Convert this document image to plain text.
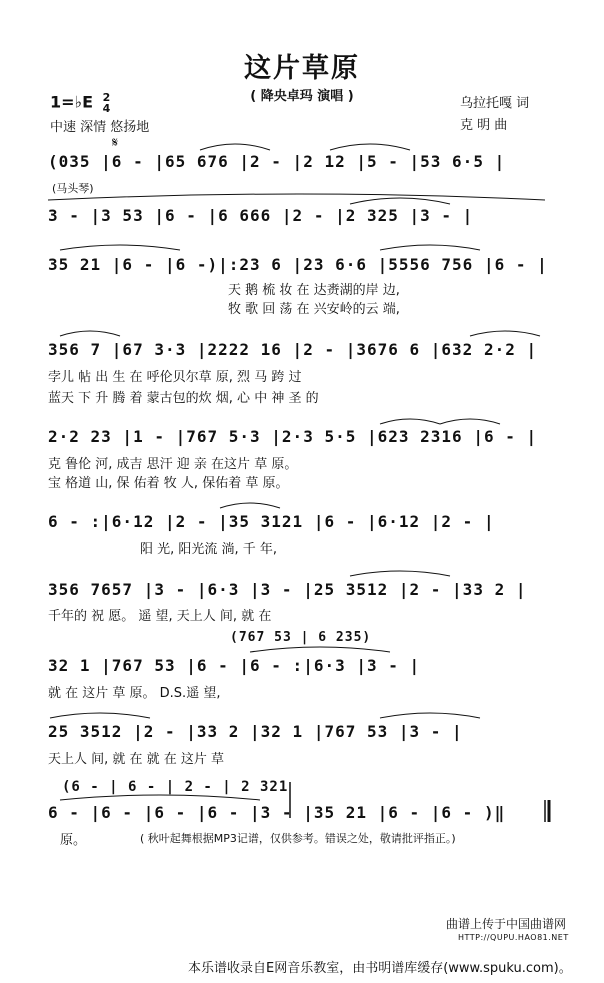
这片草原
( 降央卓玛 演唱 )
1=♭E 2
4
中速 深情 悠扬地
乌拉托嘎 词
克 明 曲
𝄋
(035 |6 - |65 676 |2 - |2 12 |5 - |53 6·5 |
(马头琴)
3 - |3 53 |6 - |6 666 |2 - |2 325 |3 - |
35 21 |6 - |6 -)|:23 6 |23 6·6 |5556 756 |6 - |
天 鹅 梳 妆 在 达赉湖的岸 边,
牧 歌 回 荡 在 兴安岭的云 端,
356 7 |67 3·3 |2222 16 |2 - |3676 6 |632 2·2 |
孛儿 帖 出 生 在 呼伦贝尔草 原, 烈 马 跨 过
蓝天 下 升 腾 着 蒙古包的炊 烟, 心 中 神 圣 的
2·2 23 |1 - |767 5·3 |2·3 5·5 |623 2316 |6 - |
克 鲁伦 河, 成吉 思汗 迎 亲 在这片 草 原。
宝 格道 山, 保 佑着 牧 人, 保佑着 草 原。
6 - :|6·12 |2 - |35 3121 |6 - |6·12 |2 - |
阳 光, 阳光流 淌, 千 年,
356 7657 |3 - |6·3 |3 - |25 3512 |2 - |33 2 |
千年的 祝 愿。 遥 望, 天上人 间, 就 在
(767 53 | 6 235)
32 1 |767 53 |6 - |6 - :|6·3 |3 - |
就 在 这片 草 原。 D.S.遥 望,
25 3512 |2 - |33 2 |32 1 |767 53 |3 - |
天上人 间, 就 在 就 在 这片 草
(6 - | 6 - | 2 - | 2 321
6 - |6 - |6 - |6 - |3 - |35 21 |6 - |6 - )‖
原。	( 秋叶起舞根据MP3记谱，仅供参考。错误之处，敬请批评指正。)
曲谱上传于中国曲谱网
HTTP://QUPU.HAO81.NET
本乐谱收录自E网音乐教室，由书明谱库缓存(www.spuku.com)。
